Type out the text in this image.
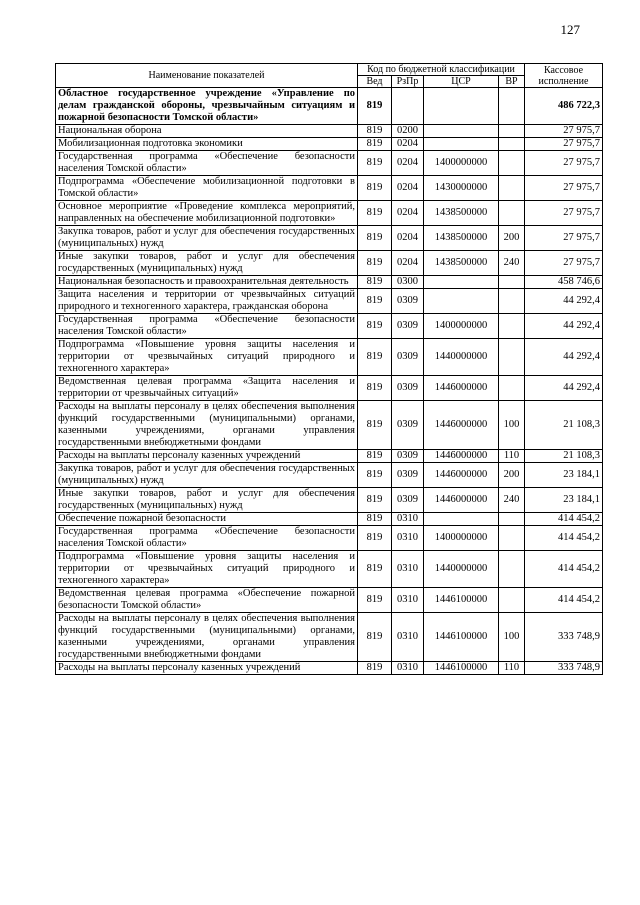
127
Наименование показателей	Код по бюджетной классификации				Кассовое исполнение
	Вед	РзПр	ЦСР	ВР	
Областное государственное учреждение «Управление по делам гражданской обороны, чрезвычайным ситуациям и пожарной безопасности Томской области»	819				486 722,3
Национальная оборона	819	0200			27 975,7
Мобилизационная подготовка экономики	819	0204			27 975,7
Государственная программа «Обеспечение безопасности населения Томской области»	819	0204	1400000000		27 975,7
Подпрограмма «Обеспечение мобилизационной подготовки в Томской области»	819	0204	1430000000		27 975,7
Основное мероприятие «Проведение комплекса мероприятий, направленных на обеспечение мобилизационной подготовки»	819	0204	1438500000		27 975,7
Закупка товаров, работ и услуг для обеспечения государственных (муниципальных) нужд	819	0204	1438500000	200	27 975,7
Иные закупки товаров, работ и услуг для обеспечения государственных (муниципальных) нужд	819	0204	1438500000	240	27 975,7
Национальная безопасность и правоохранительная деятельность	819	0300			458 746,6
Защита населения и территории от чрезвычайных ситуаций природного и техногенного характера, гражданская оборона	819	0309			44 292,4
Государственная программа «Обеспечение безопасности населения Томской области»	819	0309	1400000000		44 292,4
Подпрограмма «Повышение уровня защиты населения и территории от чрезвычайных ситуаций природного и техногенного характера»	819	0309	1440000000		44 292,4
Ведомственная целевая программа «Защита населения и территории от чрезвычайных ситуаций»	819	0309	1446000000		44 292,4
Расходы на выплаты персоналу в целях обеспечения выполнения функций государственными (муниципальными) органами, казенными учреждениями, органами управления государственными внебюджетными фондами	819	0309	1446000000	100	21 108,3
Расходы на выплаты персоналу казенных учреждений	819	0309	1446000000	110	21 108,3
Закупка товаров, работ и услуг для обеспечения государственных (муниципальных) нужд	819	0309	1446000000	200	23 184,1
Иные закупки товаров, работ и услуг для обеспечения государственных (муниципальных) нужд	819	0309	1446000000	240	23 184,1
Обеспечение пожарной безопасности	819	0310			414 454,2
Государственная программа «Обеспечение безопасности населения Томской области»	819	0310	1400000000		414 454,2
Подпрограмма «Повышение уровня защиты населения и территории от чрезвычайных ситуаций природного и техногенного характера»	819	0310	1440000000		414 454,2
Ведомственная целевая программа «Обеспечение пожарной безопасности Томской области»	819	0310	1446100000		414 454,2
Расходы на выплаты персоналу в целях обеспечения выполнения функций государственными (муниципальными) органами, казенными учреждениями, органами управления государственными внебюджетными фондами	819	0310	1446100000	100	333 748,9
Расходы на выплаты персоналу казенных учреждений	819	0310	1446100000	110	333 748,9
